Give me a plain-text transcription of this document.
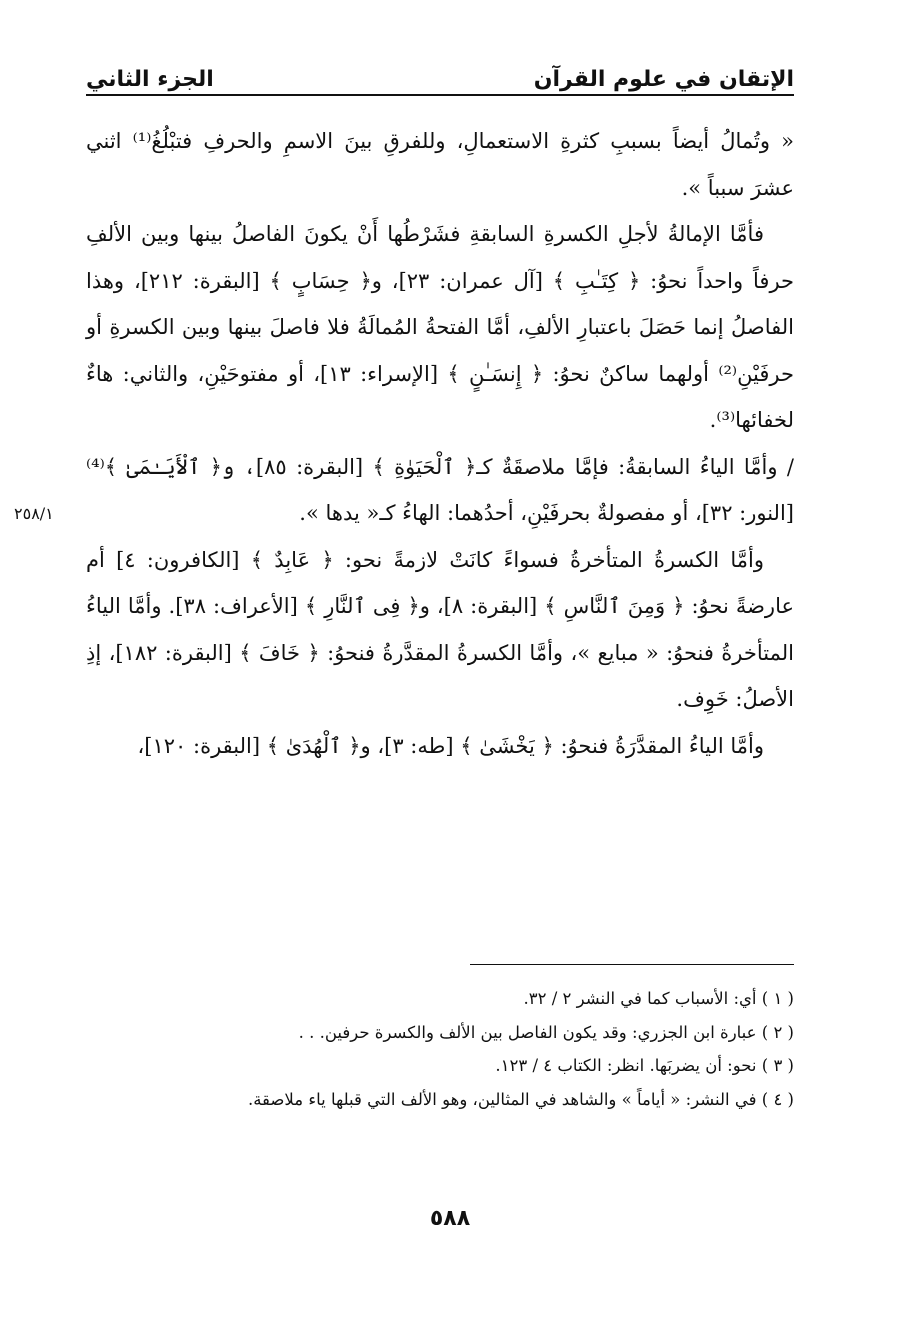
الإتقان في علوم القرآن
الجزء الثاني
٢٥٨/١

« وتُمالُ أيضاً بسببِ كثرةِ الاستعمالِ، وللفرقِ بينَ الاسمِ والحرفِ فتبْلُغُ⁽¹⁾ اثني عشرَ سبباً ».

فأمَّا الإمالةُ لأجلِ الكسرةِ السابقةِ فشَرْطُها أَنْ يكونَ الفاصلُ بينها وبين الألفِ حرفاً واحداً نحوُ: ﴿ كِتَـٰبِ ﴾ [آل عمران: ٢٣]، و﴿ حِسَابٍ ﴾ [البقرة: ٢١٢]، وهذا الفاصلُ إنما حَصَلَ باعتبارِ الألفِ، أمَّا الفتحةُ المُمالَةُ فلا فاصلَ بينها وبين الكسرةِ أو حرفَيْنِ⁽²⁾ أولهما ساكنٌ نحوُ: ﴿ إِنسَـٰنٍ ﴾ [الإسراء: ١٣]، أو مفتوحَيْنِ، والثاني: هاءٌ لخفائها⁽³⁾.

/ وأمَّا الياءُ السابقةُ: فإمَّا ملاصقَةٌ كـ﴿ ٱلْحَيَوٰةِ ﴾ [البقرة: ٨٥]، و﴿ ٱلْأَيَـٰمَىٰ ﴾⁽⁴⁾ [النور: ٣٢]، أو مفصولةٌ بحرفَيْنِ، أحدُهما: الهاءُ كـ« يدها ».

وأمَّا الكسرةُ المتأخرةُ فسواءً كانَتْ لازمةً نحو: ﴿ عَابِدٌ ﴾ [الكافرون: ٤] أم عارضةً نحوُ: ﴿ وَمِنَ ٱلنَّاسِ ﴾ [البقرة: ٨]، و﴿ فِى ٱلنَّارِ ﴾ [الأعراف: ٣٨]. وأمَّا الياءُ المتأخرةُ فنحوُ: « مبايع »، وأمَّا الكسرةُ المقدَّرةُ فنحوُ: ﴿ خَافَ ﴾ [البقرة: ١٨٢]، إذِ الأصلُ: خَوِف.

وأمَّا الياءُ المقدَّرَةُ فنحوُ: ﴿ يَخْشَىٰ ﴾ [طه: ٣]، و﴿ ٱلْهُدَىٰ ﴾ [البقرة: ١٢٠]،

( ١ ) أي: الأسباب كما في النشر ٢ / ٣٢.

( ٢ ) عبارة ابن الجزري: وقد يكون الفاصل بين الألف والكسرة حرفين. . .

( ٣ ) نحو: أن يضربَها. انظر: الكتاب ٤ / ١٢٣.

( ٤ ) في النشر: « أياماً » والشاهد في المثالين، وهو الألف التي قبلها ياء ملاصقة.

٥٨٨
